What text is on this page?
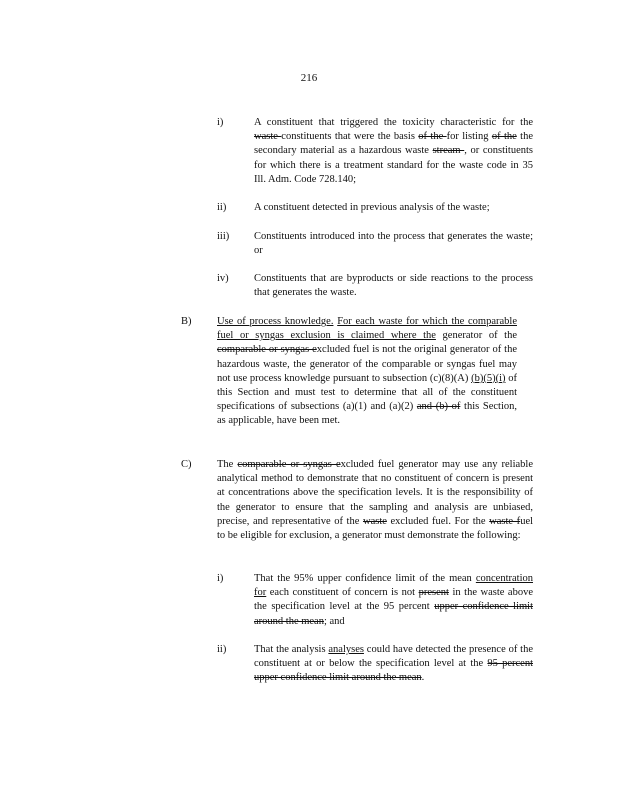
216
i)	A constituent that triggered the toxicity characteristic for the waste constituents that were the basis of the for listing of the the secondary material as a hazardous waste stream , or constituents for which there is a treatment standard for the waste code in 35 Ill. Adm. Code 728.140;
ii)	A constituent detected in previous analysis of the waste;
iii) Constituents introduced into the process that generates the waste; or
iv) Constituents that are byproducts or side reactions to the process that generates the waste.
B) Use of process knowledge. For each waste for which the comparable fuel or syngas exclusion is claimed where the generator of the comparable or syngas excluded fuel is not the original generator of the hazardous waste, the generator of the comparable or syngas fuel may not use process knowledge pursuant to subsection (c)(8)(A) (b)(5)(i) of this Section and must test to determine that all of the constituent specifications of subsections (a)(1) and (a)(2) and (b) of this Section, as applicable, have been met.
C) The comparable or syngas excluded fuel generator may use any reliable analytical method to demonstrate that no constituent of concern is present at concentrations above the specification levels. It is the responsibility of the generator to ensure that the sampling and analysis are unbiased, precise, and representative of the waste excluded fuel. For the waste fuel to be eligible for exclusion, a generator must demonstrate the following:
i)	That the 95% upper confidence limit of the mean concentration for each constituent of concern is not present in the waste above the specification level at the 95 percent upper confidence limit around the mean; and
ii)	That the analysis analyses could have detected the presence of the constituent at or below the specification level at the 95 percent upper confidence limit around the mean.
